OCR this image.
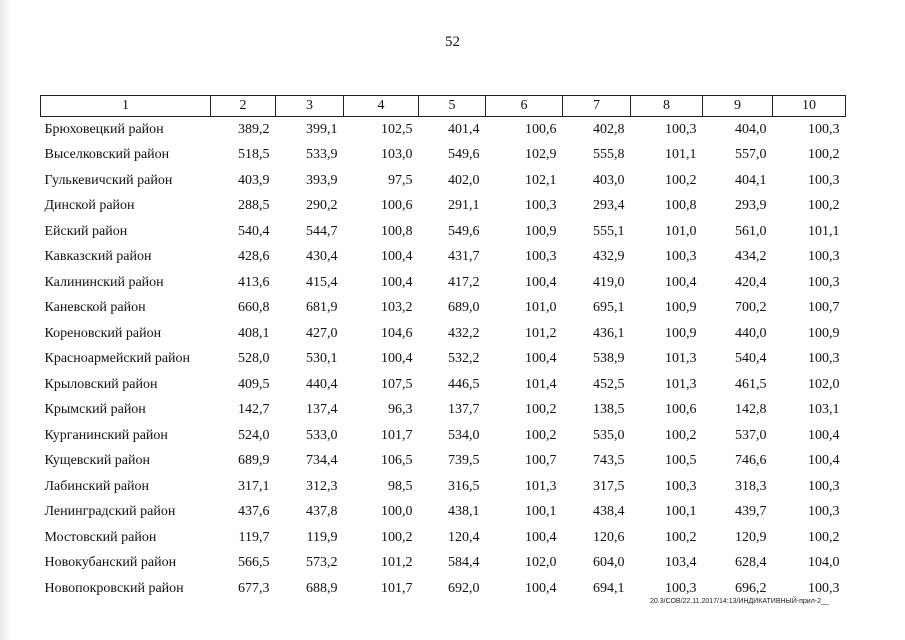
52
1	2	3	4	5	6	7	8	9	10
Брюховецкий район	389,2	399,1	102,5	401,4	100,6	402,8	100,3	404,0	100,3
Выселковский район	518,5	533,9	103,0	549,6	102,9	555,8	101,1	557,0	100,2
Гулькевичский район	403,9	393,9	97,5	402,0	102,1	403,0	100,2	404,1	100,3
Динской район	288,5	290,2	100,6	291,1	100,3	293,4	100,8	293,9	100,2
Ейский район	540,4	544,7	100,8	549,6	100,9	555,1	101,0	561,0	101,1
Кавказский район	428,6	430,4	100,4	431,7	100,3	432,9	100,3	434,2	100,3
Калининский район	413,6	415,4	100,4	417,2	100,4	419,0	100,4	420,4	100,3
Каневской район	660,8	681,9	103,2	689,0	101,0	695,1	100,9	700,2	100,7
Кореновский район	408,1	427,0	104,6	432,2	101,2	436,1	100,9	440,0	100,9
Красноармейский район	528,0	530,1	100,4	532,2	100,4	538,9	101,3	540,4	100,3
Крыловский район	409,5	440,4	107,5	446,5	101,4	452,5	101,3	461,5	102,0
Крымский район	142,7	137,4	96,3	137,7	100,2	138,5	100,6	142,8	103,1
Курганинский район	524,0	533,0	101,7	534,0	100,2	535,0	100,2	537,0	100,4
Кущевский район	689,9	734,4	106,5	739,5	100,7	743,5	100,5	746,6	100,4
Лабинский район	317,1	312,3	98,5	316,5	101,3	317,5	100,3	318,3	100,3
Ленинградский район	437,6	437,8	100,0	438,1	100,1	438,4	100,1	439,7	100,3
Мостовский район	119,7	119,9	100,2	120,4	100,4	120,6	100,2	120,9	100,2
Новокубанский район	566,5	573,2	101,2	584,4	102,0	604,0	103,4	628,4	104,0
Новопокровский район	677,3	688,9	101,7	692,0	100,4	694,1	100,3	696,2	100,3
20.3/СОВ/22.11.2017/14:13/ИНДИКАТИВНЫЙ-прил-2__
